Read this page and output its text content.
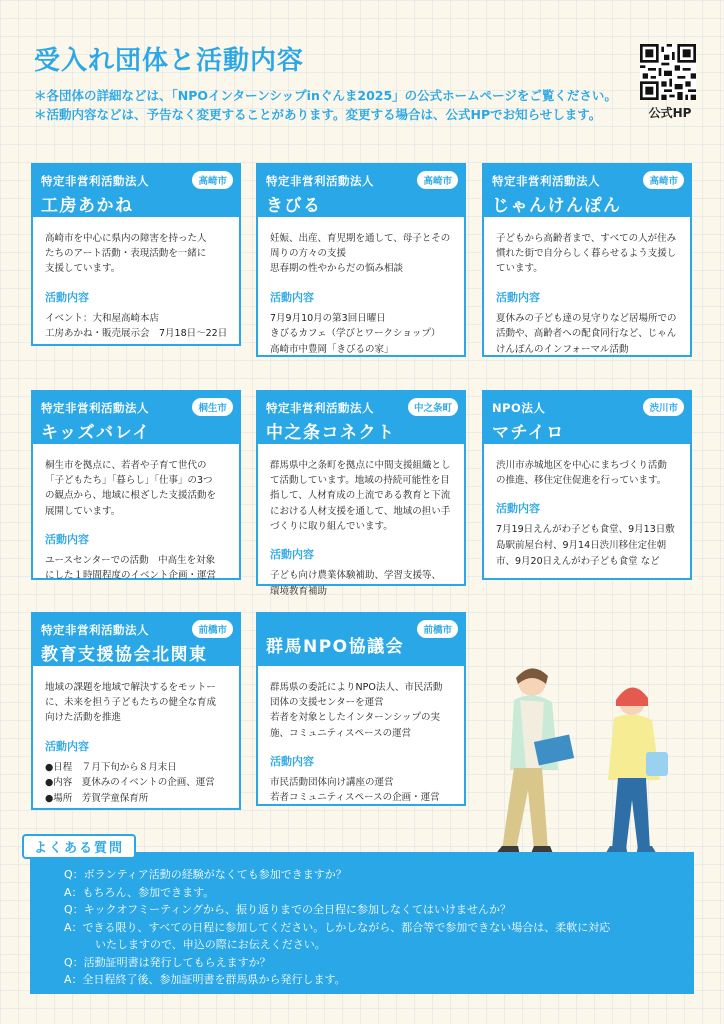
受入れ団体と活動内容
＊各団体の詳細などは、「NPOインターンシップinぐんま2025」の公式ホームページをご覧ください。
＊活動内容などは、予告なく変更することがあります。変更する場合は、公式HPでお知らせします。	公式HP
特定非営利活動法人
工房あかね
高崎市
高崎市を中心に県内の障害を持った人
たちのアート活動・表現活動を一緒に
支援しています。
活動内容
イベント：大和屋高崎本店
工房あかね・販売展示会　7月18日〜22日
特定非営利活動法人
きびる
高崎市
妊娠、出産、育児期を通して、母子とその
周りの方々の支援
思春期の性やからだの悩み相談
活動内容
7月9月10月の第3回日曜日
きびるカフェ（学びとワークショップ）
高崎市中豊岡「きびるの家」
特定非営利活動法人
じゃんけんぽん
高崎市
子どもから高齢者まで、すべての人が住み
慣れた街で自分らしく暮らせるよう支援し
ています。
活動内容
夏休みの子ども達の見守りなど居場所での
活動や、高齢者への配食同行など、じゃん
けんぽんのインフォーマル活動
特定非営利活動法人
キッズバレイ
桐生市
桐生市を拠点に、若者や子育て世代の
「子どもたち」「暮らし」「仕事」の3つ
の観点から、地域に根ざした支援活動を
展開しています。
活動内容
ユースセンターでの活動　中高生を対象
にした１時間程度のイベント企画・運営
特定非営利活動法人
中之条コネクト
中之条町
群馬県中之条町を拠点に中間支援組織とし
て活動しています。地域の持続可能性を目
指して、人材育成の上流である教育と下流
における人材支援を通して、地域の担い手
づくりに取り組んでいます。
活動内容
子ども向け農業体験補助、学習支援等、
環境教育補助
NPO法人
マチイロ
渋川市
渋川市赤城地区を中心にまちづくり活動
の推進、移住定住促進を行っています。
活動内容
7月19日えんがわ子ども食堂、9月13日敷
島駅前屋台村、9月14日渋川移住定住朝
市、9月20日えんがわ子ども食堂 など
特定非営利活動法人
教育支援協会北関東
前橋市
地域の課題を地域で解決するをモットー
に、未来を担う子どもたちの健全な育成
向けた活動を推進
活動内容
●日程　７月下旬から８月末日
●内容　夏休みのイベントの企画、運営
●場所　芳賀学童保育所
群馬NPO協議会
前橋市
群馬県の委託によりNPO法人、市民活動
団体の支援センターを運営
若者を対象としたインターンシップの実
施、コミュニティスペースの運営
活動内容
市民活動団体向け講座の運営
若者コミュニティスペースの企画・運営
Q：ボランティア活動の経験がなくても参加できますか？
A：もちろん、参加できます。
Q：キックオフミーティングから、振り返りまでの全日程に参加しなくてはいけませんか？
A：できる限り、すべての日程に参加してください。しかしながら、都合等で参加できない場合は、柔軟に対応
いたしますので、申込の際にお伝えください。
Q：活動証明書は発行してもらえますか？
A：全日程終了後、参加証明書を群馬県から発行します。
よくある質問
